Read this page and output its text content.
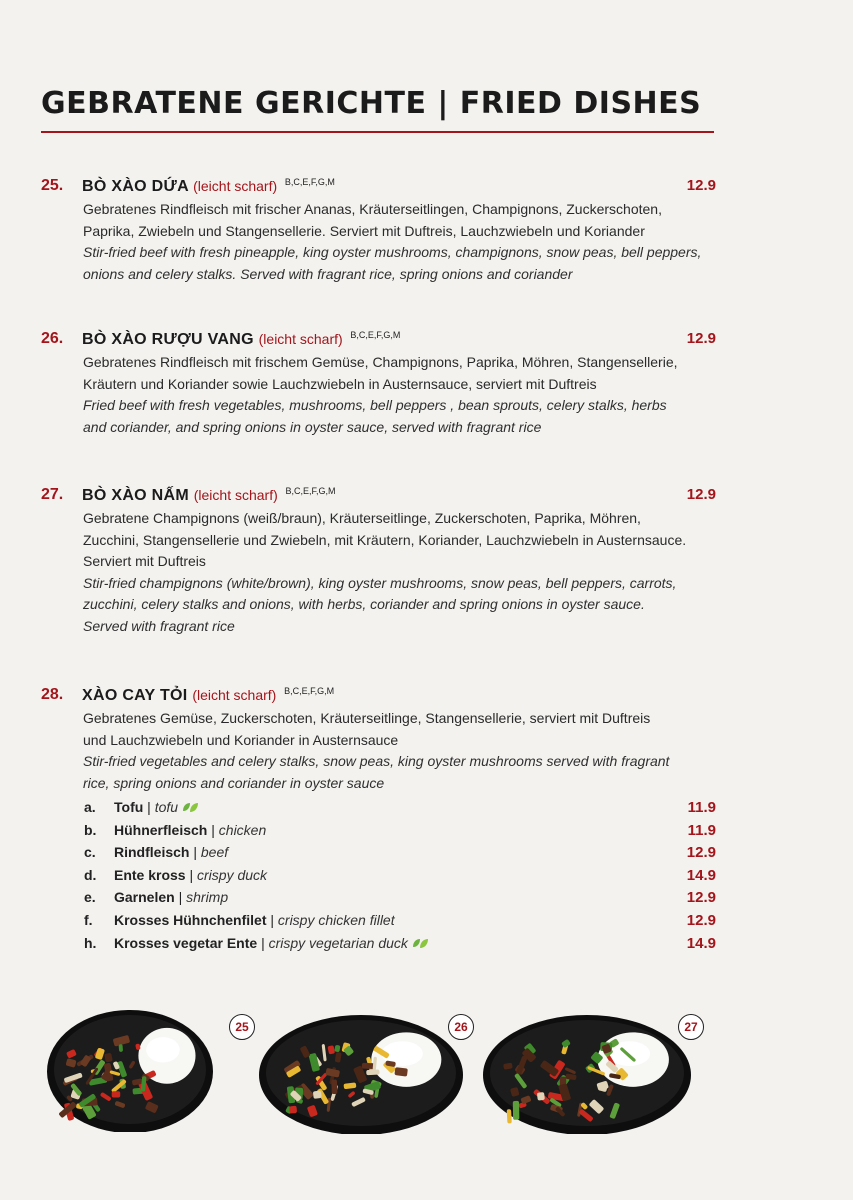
GEBRATENE GERICHTE | FRIED DISHES
25.	BÒ XÀO DỨA (leicht scharf) $^{B,C,E,F,G,M}$	12.9
Gebratenes Rindfleisch mit frischer Ananas, Kräuterseitlingen, Champignons, Zuckerschoten,
Paprika, Zwiebeln und Stangensellerie. Serviert mit Duftreis, Lauchzwiebeln und Koriander
Stir-fried beef with fresh pineapple, king oyster mushrooms, champignons, snow peas, bell peppers,
onions and celery stalks. Served with fragrant rice, spring onions and coriander
26.	BÒ XÀO RƯỢU VANG (leicht scharf) $^{B,C,E,F,G,M}$	12.9
Gebratenes Rindfleisch mit frischem Gemüse, Champignons, Paprika, Möhren, Stangensellerie,
Kräutern und Koriander sowie Lauchzwiebeln in Austernsauce, serviert mit Duftreis
Fried beef with fresh vegetables, mushrooms, bell peppers , bean sprouts, celery stalks, herbs
and coriander, and spring onions in oyster sauce, served with fragrant rice
27.	BÒ XÀO NẤM (leicht scharf) $^{B,C,E,F,G,M}$	12.9
Gebratene Champignons (weiß/braun), Kräuterseitlinge, Zuckerschoten, Paprika, Möhren,
Zucchini, Stangensellerie und Zwiebeln, mit Kräutern, Koriander, Lauchzwiebeln in Austernsauce.
Serviert mit Duftreis
Stir-fried champignons (white/brown), king oyster mushrooms, snow peas, bell peppers, carrots,
zucchini, celery stalks and onions, with herbs, coriander and spring onions in oyster sauce.
Served with fragrant rice
28.	XÀO CAY TỎI (leicht scharf) $^{B,C,E,F,G,M}$
Gebratenes Gemüse, Zuckerschoten, Kräuterseitlinge, Stangensellerie, serviert mit Duftreis
und Lauchzwiebeln und Koriander in Austernsauce
Stir-fried vegetables and celery stalks, snow peas, king oyster mushrooms served with fragrant
rice, spring onions and coriander in oyster sauce
a. Tofu | tofu	11.9
b. Hühnerfleisch | chicken	11.9
c. Rindfleisch | beef	12.9
d. Ente kross | crispy duck	14.9
e. Garnelen | shrimp	12.9
f. Krosses Hühnchenfilet | crispy chicken fillet	12.9
h. Krosses vegetar Ente | crispy vegetarian duck	14.9
25	26	27
